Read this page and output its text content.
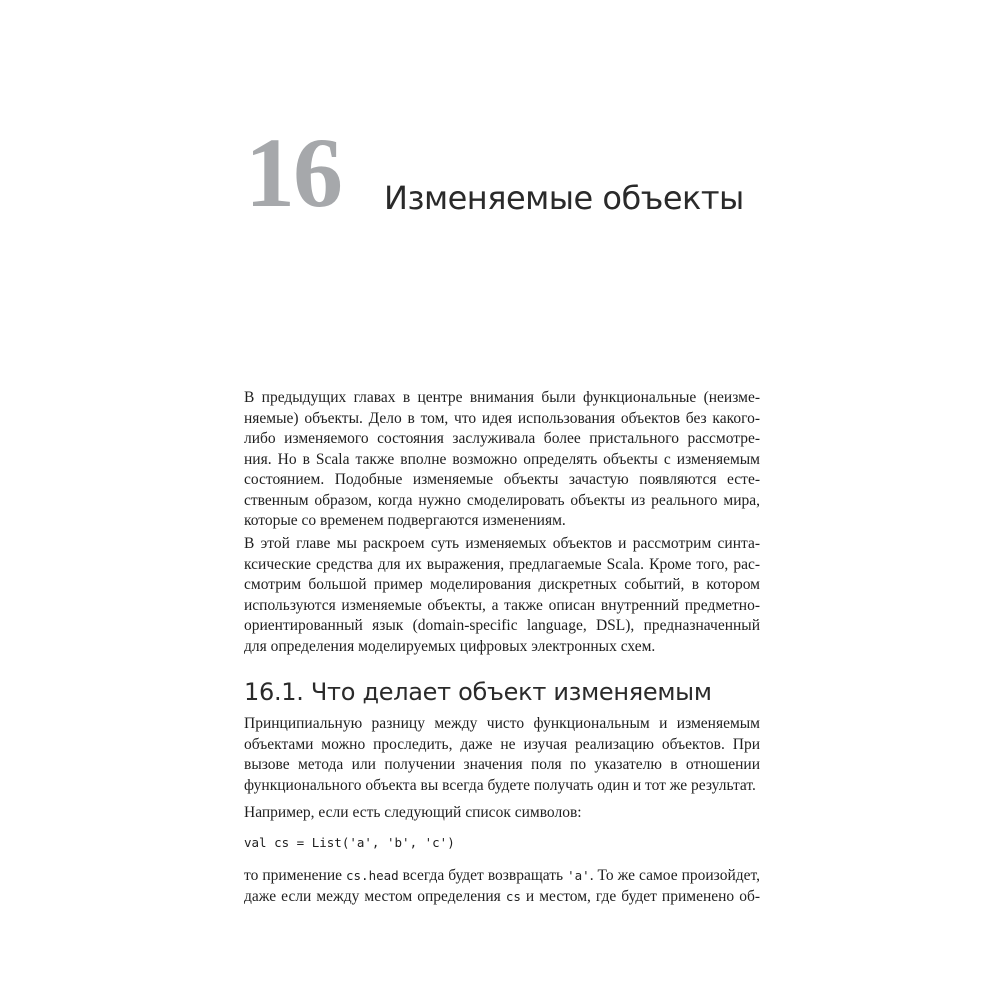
16 Изменяемые объекты

В предыдущих главах в центре внимания были функциональные (неизме-
няемые) объекты. Дело в том, что идея использования объектов без какого-
либо изменяемого состояния заслуживала более пристального рассмотре-
ния. Но в Scala также вполне возможно определять объекты с изменяемым
состоянием. Подобные изменяемые объекты зачастую появляются есте-
ственным образом, когда нужно смоделировать объекты из реального мира,
которые со временем подвергаются изменениям.

В этой главе мы раскроем суть изменяемых объектов и рассмотрим синта-
ксические средства для их выражения, предлагаемые Scala. Кроме того, рас-
смотрим большой пример моделирования дискретных событий, в котором
используются изменяемые объекты, а также описан внутренний предметно-
ориентированный язык (domain-specific language, DSL), предназначенный
для определения моделируемых цифровых электронных схем.

16.1. Что делает объект изменяемым

Принципиальную разницу между чисто функциональным и изменяемым
объектами можно проследить, даже не изучая реализацию объектов. При
вызове метода или получении значения поля по указателю в отношении
функционального объекта вы всегда будете получать один и тот же результат.

Например, если есть следующий список символов:

val cs = List('a', 'b', 'c')

то применение cs.head всегда будет возвращать 'a'. То же самое произойдет,
даже если между местом определения cs и местом, где будет применено об-
